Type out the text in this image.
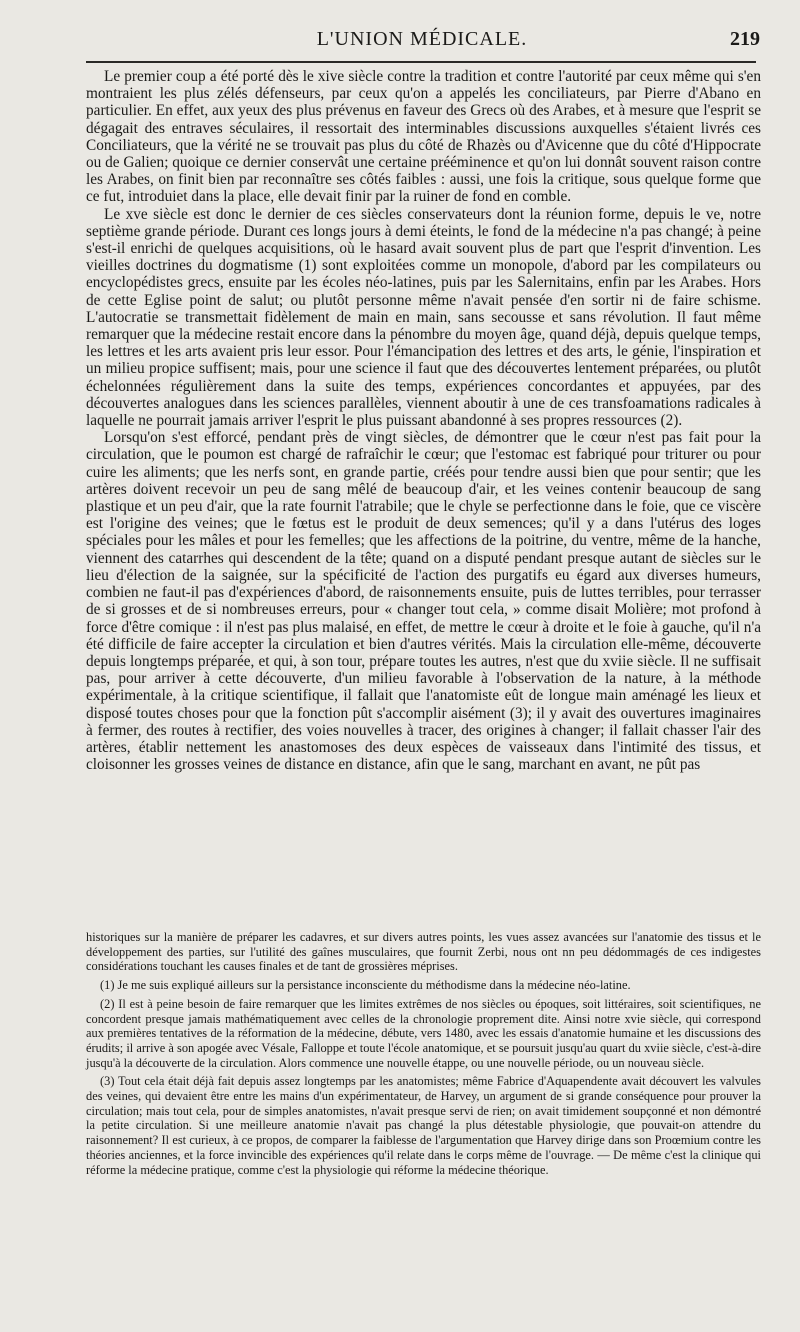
L'UNION MÉDICALE.	219

Le premier coup a été porté dès le xive siècle contre la tradition et contre l'autorité par ceux même qui s'en montraient les plus zélés défenseurs, par ceux qu'on a appelés les conciliateurs, par Pierre d'Abano en particulier. En effet, aux yeux des plus prévenus en faveur des Grecs où des Arabes, et à mesure que l'esprit se dégagait des entraves séculaires, il ressortait des interminables discussions auxquelles s'étaient livrés ces Conciliateurs, que la vérité ne se trouvait pas plus du côté de Rhazès ou d'Avicenne que du côté d'Hippocrate ou de Galien; quoique ce dernier conservât une certaine prééminence et qu'on lui donnât souvent raison contre les Arabes, on finit bien par reconnaître ses côtés faibles : aussi, une fois la critique, sous quelque forme que ce fut, introduiet dans la place, elle devait finir par la ruiner de fond en comble.

Le xve siècle est donc le dernier de ces siècles conservateurs dont la réunion forme, depuis le ve, notre septième grande période. Durant ces longs jours à demi éteints, le fond de la médecine n'a pas changé; à peine s'est-il enrichi de quelques acquisitions, où le hasard avait souvent plus de part que l'esprit d'invention. Les vieilles doctrines du dogmatisme (1) sont exploitées comme un monopole, d'abord par les compilateurs ou encyclopédistes grecs, ensuite par les écoles néo-latines, puis par les Salernitains, enfin par les Arabes. Hors de cette Eglise point de salut; ou plutôt personne même n'avait pensée d'en sortir ni de faire schisme. L'autocratie se transmettait fidèlement de main en main, sans secousse et sans révolution. Il faut même remarquer que la médecine restait encore dans la pénombre du moyen âge, quand déjà, depuis quelque temps, les lettres et les arts avaient pris leur essor. Pour l'émancipation des lettres et des arts, le génie, l'inspiration et un milieu propice suffisent; mais, pour une science il faut que des découvertes lentement préparées, ou plutôt échelonnées régulièrement dans la suite des temps, expériences concordantes et appuyées, par des découvertes analogues dans les sciences parallèles, viennent aboutir à une de ces transfoamations radicales à laquelle ne pourrait jamais arriver l'esprit le plus puissant abandonné à ses propres ressources (2).

Lorsqu'on s'est efforcé, pendant près de vingt siècles, de démontrer que le cœur n'est pas fait pour la circulation, que le poumon est chargé de rafraîchir le cœur; que l'estomac est fabriqué pour triturer ou pour cuire les aliments; que les nerfs sont, en grande partie, créés pour tendre aussi bien que pour sentir; que les artères doivent recevoir un peu de sang mêlé de beaucoup d'air, et les veines contenir beaucoup de sang plastique et un peu d'air, que la rate fournit l'atrabile; que le chyle se perfectionne dans le foie, que ce viscère est l'origine des veines; que le fœtus est le produit de deux semences; qu'il y a dans l'utérus des loges spéciales pour les mâles et pour les femelles; que les affections de la poitrine, du ventre, même de la hanche, viennent des catarrhes qui descendent de la tête; quand on a disputé pendant presque autant de siècles sur le lieu d'élection de la saignée, sur la spécificité de l'action des purgatifs eu égard aux diverses humeurs, combien ne faut-il pas d'expériences d'abord, de raisonnements ensuite, puis de luttes terribles, pour terrasser de si grosses et de si nombreuses erreurs, pour « changer tout cela, » comme disait Molière; mot profond à force d'être comique : il n'est pas plus malaisé, en effet, de mettre le cœur à droite et le foie à gauche, qu'il n'a été difficile de faire accepter la circulation et bien d'autres vérités. Mais la circulation elle-même, découverte depuis longtemps préparée, et qui, à son tour, prépare toutes les autres, n'est que du xviie siècle. Il ne suffisait pas, pour arriver à cette découverte, d'un milieu favorable à l'observation de la nature, à la méthode expérimentale, à la critique scientifique, il fallait que l'anatomiste eût de longue main aménagé les lieux et disposé toutes choses pour que la fonction pût s'accomplir aisément (3); il y avait des ouvertures imaginaires à fermer, des routes à rectifier, des voies nouvelles à tracer, des origines à changer; il fallait chasser l'air des artères, établir nettement les anastomoses des deux espèces de vaisseaux dans l'intimité des tissus, et cloisonner les grosses veines de distance en distance, afin que le sang, marchant en avant, ne pût pas

historiques sur la manière de préparer les cadavres, et sur divers autres points, les vues assez avancées sur l'anatomie des tissus et le développement des parties, sur l'utilité des gaînes musculaires, que fournit Zerbi, nous ont nn peu dédommagés de ces indigestes considérations touchant les causes finales et de tant de grossières méprises.

(1) Je me suis expliqué ailleurs sur la persistance inconsciente du méthodisme dans la médecine néo-latine.

(2) Il est à peine besoin de faire remarquer que les limites extrêmes de nos siècles ou époques, soit littéraires, soit scientifiques, ne concordent presque jamais mathématiquement avec celles de la chronologie proprement dite. Ainsi notre xvie siècle, qui correspond aux premières tentatives de la réformation de la médecine, débute, vers 1480, avec les essais d'anatomie humaine et les discussions des érudits; il arrive à son apogée avec Vésale, Falloppe et toute l'école anatomique, et se poursuit jusqu'au quart du xviie siècle, c'est-à-dire jusqu'à la découverte de la circulation. Alors commence une nouvelle étappe, ou une nouvelle période, ou un nouveau siècle.

(3) Tout cela était déjà fait depuis assez longtemps par les anatomistes; même Fabrice d'Aquapendente avait découvert les valvules des veines, qui devaient être entre les mains d'un expérimentateur, de Harvey, un argument de si grande conséquence pour prouver la circulation; mais tout cela, pour de simples anatomistes, n'avait presque servi de rien; on avait timidement soupçonné et non démontré la petite circulation. Si une meilleure anatomie n'avait pas changé la plus détestable physiologie, que pouvait-on attendre du raisonnement? Il est curieux, à ce propos, de comparer la faiblesse de l'argumentation que Harvey dirige dans son Proœmium contre les théories anciennes, et la force invincible des expériences qu'il relate dans le corps même de l'ouvrage. — De même c'est la clinique qui réforme la médecine pratique, comme c'est la physiologie qui réforme la médecine théorique.
